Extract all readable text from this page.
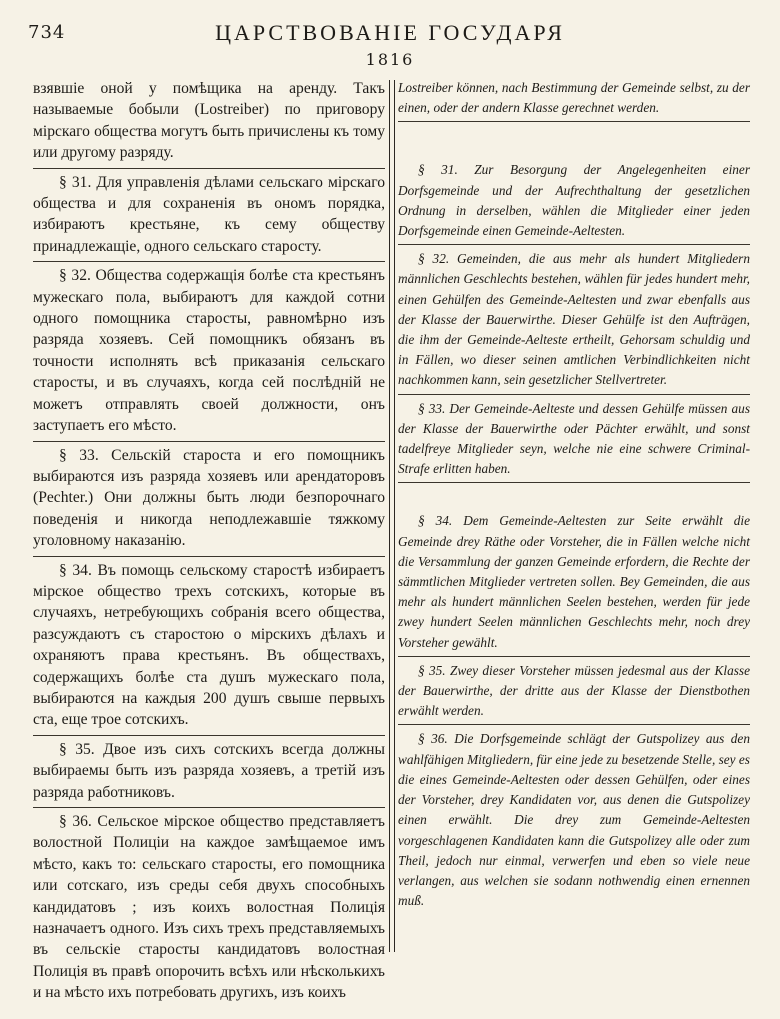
734	ЦАРСТВОВАНІЕ ГОСУДАРЯ
1816

взявшіе оной у помѣщика на аренду. Такъ называемые бобыли (Lostreiber) по приговору мірскаго общества могутъ быть причислены къ тому или другому разряду.

§ 31. Для управленія дѣлами сельскаго мірскаго общества и для сохраненія въ ономъ порядка, избираютъ крестьяне, къ сему обществу принадлежащіе, одного сельскаго старосту.

§ 32. Общества содержащія болѣе ста крестьянъ мужескаго пола, выбираютъ для каждой сотни одного помощника старосты, равномѣрно изъ разряда хозяевъ. Сей помощникъ обязанъ въ точности исполнять всѣ приказанія сельскаго старосты, и въ случаяхъ, когда сей послѣдній не можетъ отправлять своей должности, онъ заступаетъ его мѣсто.

§ 33. Сельскій староста и его помощникъ выбираются изъ разряда хозяевъ или арендаторовъ (Pechter.) Они должны быть люди безпорочнаго поведенія и никогда неподлежавшіе тяжкому уголовному наказанію.

§ 34. Въ помощь сельскому старостѣ избираетъ мірское общество трехъ сотскихъ, которые въ случаяхъ, нетребующихъ собранія всего общества, разсуждаютъ съ старостою о мірскихъ дѣлахъ и охраняютъ права крестьянъ. Въ обществахъ, содержащихъ болѣе ста душъ мужескаго пола, выбираются на каждыя 200 душъ свыше первыхъ ста, еще трое сотскихъ.

§ 35. Двое изъ сихъ сотскихъ всегда должны выбираемы быть изъ разряда хозяевъ, а третій изъ разряда работниковъ.

§ 36. Сельское мірское общество представляетъ волостной Полиціи на каждое замѣщаемое имъ мѣсто, какъ то: сельскаго старосты, его помощника или сотскаго, изъ среды себя двухъ способныхъ кандидатовъ ; изъ коихъ волостная Полиція назначаетъ одного. Изъ сихъ трехъ представляемыхъ въ сельскіе старосты кандидатовъ волостная Полиція въ правѣ опорочить всѣхъ или нѣсколькихъ и на мѣсто ихъ потребовать другихъ, изъ коихъ

Lostreiber können, nach Bestimmung der Gemeinde selbst, zu der einen, oder der andern Klasse gerechnet werden.

§ 31. Zur Besorgung der Angelegenheiten einer Dorfsgemeinde und der Aufrechthaltung der gesetzlichen Ordnung in derselben, wählen die Mitglieder einer jeden Dorfsgemeinde einen Gemeinde-Aeltesten.

§ 32. Gemeinden, die aus mehr als hundert Mitgliedern männlichen Geschlechts bestehen, wählen für jedes hundert mehr, einen Gehülfen des Gemeinde-Aeltesten und zwar ebenfalls aus der Klasse der Bauerwirthe. Dieser Gehülfe ist den Aufträgen, die ihm der Gemeinde-Aelteste ertheilt, Gehorsam schuldig und in Fällen, wo dieser seinen amtlichen Verbindlichkeiten nicht nachkommen kann, sein gesetzlicher Stellvertreter.

§ 33. Der Gemeinde-Aelteste und dessen Gehülfe müssen aus der Klasse der Bauerwirthe oder Pächter erwählt, und sonst tadelfreye Mitglieder seyn, welche nie eine schwere Criminal-Strafe erlitten haben.

§ 34. Dem Gemeinde-Aeltesten zur Seite erwählt die Gemeinde drey Räthe oder Vorsteher, die in Fällen welche nicht die Versammlung der ganzen Gemeinde erfordern, die Rechte der sämmtlichen Mitglieder vertreten sollen. Bey Gemeinden, die aus mehr als hundert männlichen Seelen bestehen, werden für jede zwey hundert Seelen männlichen Geschlechts mehr, noch drey Vorsteher gewählt.

§ 35. Zwey dieser Vorsteher müssen jedesmal aus der Klasse der Bauerwirthe, der dritte aus der Klasse der Dienstbothen erwählt werden.

§ 36. Die Dorfsgemeinde schlägt der Gutspolizey aus den wahlfähigen Mitgliedern, für eine jede zu besetzende Stelle, sey es die eines Gemeinde-Aeltesten oder dessen Gehülfen, oder eines der Vorsteher, drey Kandidaten vor, aus denen die Gutspolizey einen erwählt. Die drey zum Gemeinde-Aeltesten vorgeschlagenen Kandidaten kann die Gutspolizey alle oder zum Theil, jedoch nur einmal, verwerfen und eben so viele neue verlangen, aus welchen sie sodann nothwendig einen ernennen muß.
